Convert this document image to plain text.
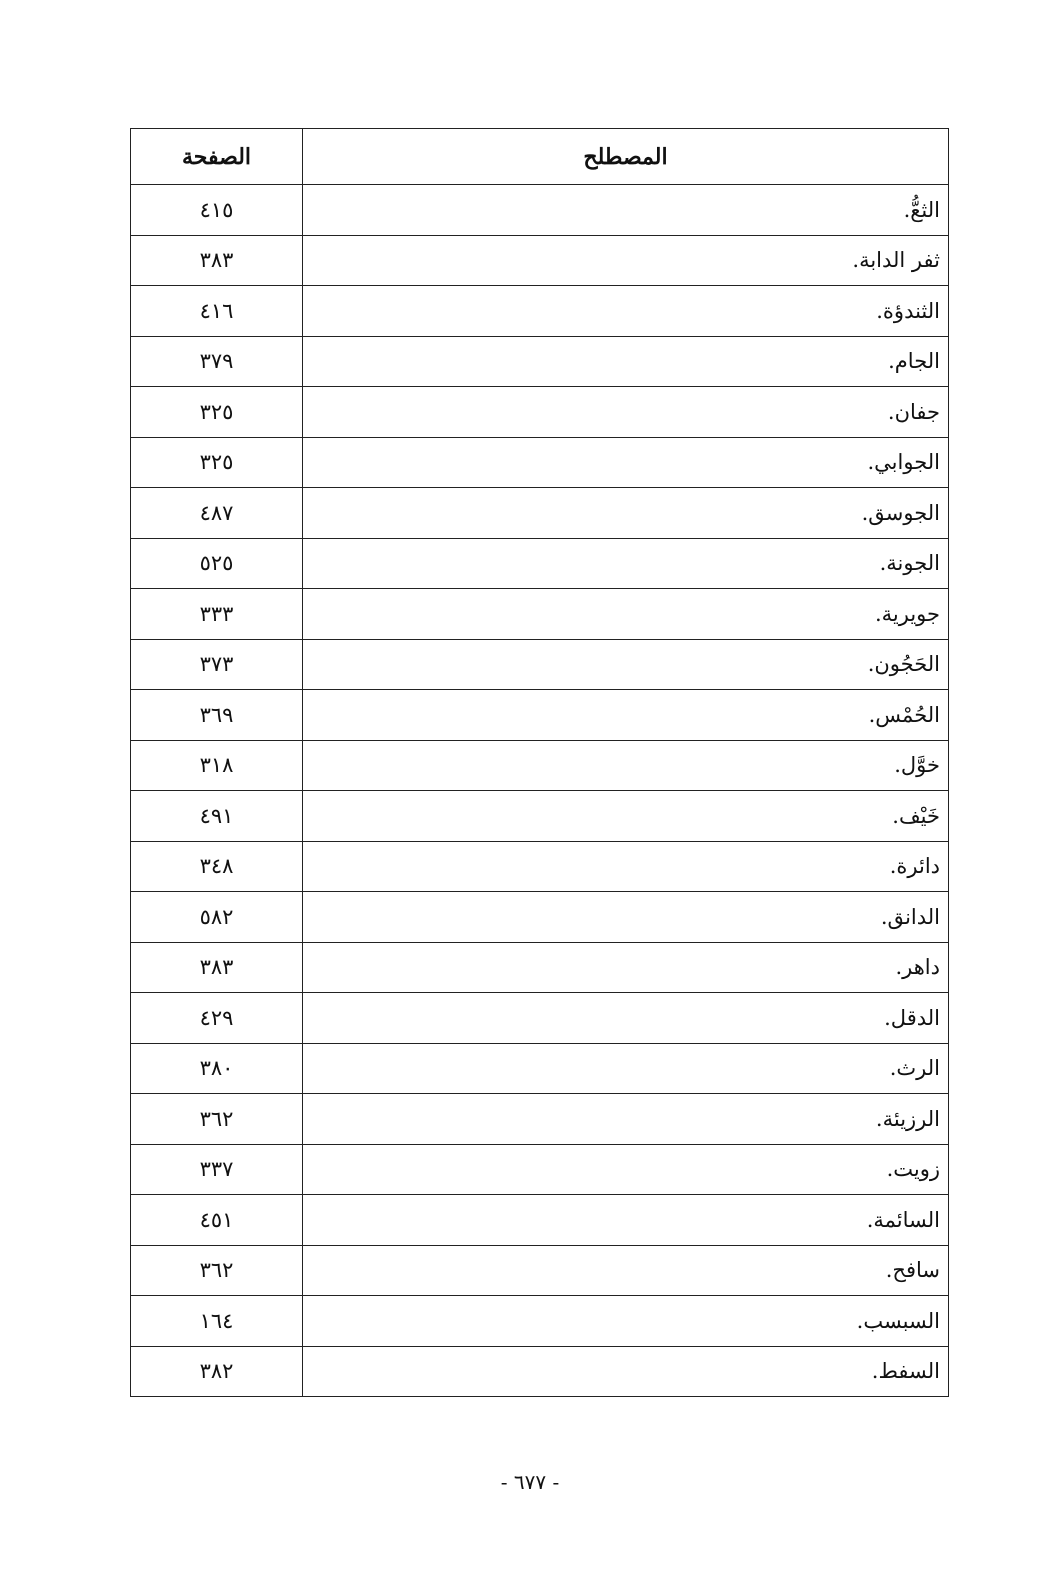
المصطلح	الصفحة
الثعُّ.	٤١٥
ثفر الدابة.	٣٨٣
الثندؤة.	٤١٦
الجام.	٣٧٩
جفان.	٣٢٥
الجوابي.	٣٢٥
الجوسق.	٤٨٧
الجونة.	٥٢٥
جويرية.	٣٣٣
الحَجُون.	٣٧٣
الحُمْس.	٣٦٩
خوَّل.	٣١٨
خَيْف.	٤٩١
دائرة.	٣٤٨
الدانق.	٥٨٢
داهر.	٣٨٣
الدقل.	٤٢٩
الرث.	٣٨٠
الرزيئة.	٣٦٢
زويت.	٣٣٧
السائمة.	٤٥١
سافح.	٣٦٢
السبسب.	١٦٤
السفط.	٣٨٢
- ٦٧٧ -
